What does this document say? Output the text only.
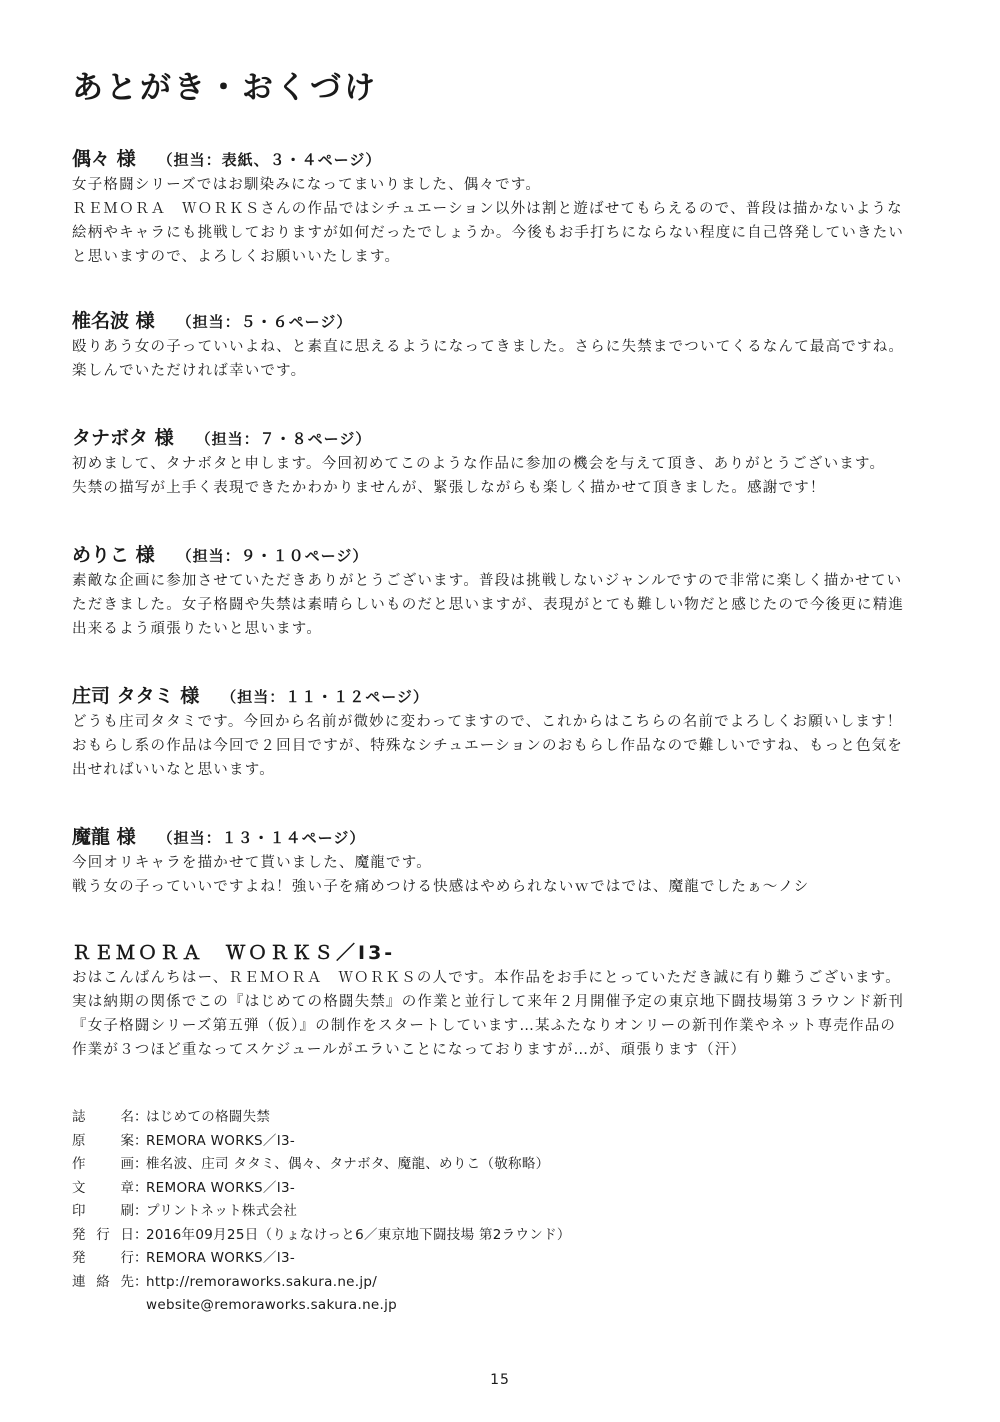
あとがき・おくづけ
偶々 様 （担当：表紙、３・４ページ）

女子格闘シリーズではお馴染みになってまいりました、偶々です。

ＲＥＭＯＲＡ　ＷＯＲＫＳさんの作品ではシチュエーション以外は割と遊ばせてもらえるので、普段は描かないような

絵柄やキャラにも挑戦しておりますが如何だったでしょうか。今後もお手打ちにならない程度に自己啓発していきたい

と思いますので、よろしくお願いいたします。

椎名波 様 （担当：５・６ページ）

殴りあう女の子っていいよね、と素直に思えるようになってきました。さらに失禁までついてくるなんて最高ですね。

楽しんでいただければ幸いです。

タナボタ 様 （担当：７・８ページ）

初めまして、タナボタと申します。今回初めてこのような作品に参加の機会を与えて頂き、ありがとうございます。

失禁の描写が上手く表現できたかわかりませんが、緊張しながらも楽しく描かせて頂きました。感謝です！

めりこ 様 （担当：９・１０ページ）

素敵な企画に参加させていただきありがとうございます。普段は挑戦しないジャンルですので非常に楽しく描かせてい

ただきました。女子格闘や失禁は素晴らしいものだと思いますが、表現がとても難しい物だと感じたので今後更に精進

出来るよう頑張りたいと思います。

庄司 タタミ 様 （担当：１１・１２ページ）

どうも庄司タタミです。今回から名前が微妙に変わってますので、これからはこちらの名前でよろしくお願いします！

おもらし系の作品は今回で２回目ですが、特殊なシチュエーションのおもらし作品なので難しいですね、もっと色気を

出せればいいなと思います。

魔龍 様 （担当：１３・１４ページ）

今回オリキャラを描かせて貰いました、魔龍です。

戦う女の子っていいですよね！強い子を痛めつける快感はやめられないｗではでは、魔龍でしたぁ～ノシ

ＲＥＭＯＲＡ　ＷＯＲＫＳ／I3-

おはこんばんちはー、ＲＥＭＯＲＡ　ＷＯＲＫＳの人です。本作品をお手にとっていただき誠に有り難うございます。

実は納期の関係でこの『はじめての格闘失禁』の作業と並行して来年２月開催予定の東京地下闘技場第３ラウンド新刊

『女子格闘シリーズ第五弾（仮）』の制作をスタートしています…某ふたなりオンリーの新刊作業やネット専売作品の

作業が３つほど重なってスケジュールがエラいことになっておりますが…が、頑張ります（汗）

誌名 ：
はじめての格闘失禁
原案 ：
REMORA WORKS／I3-
作画 ：
椎名波、庄司 タタミ、偶々、タナボタ、魔龍、めりこ（敬称略）
文章 ：
REMORA WORKS／I3-
印刷 ：
プリントネット株式会社
発行日 ：
2016年09月25日（りょなけっと6／東京地下闘技場 第2ラウンド）
発行 ：
REMORA WORKS／I3-
連絡先 ：
http://remoraworks.sakura.ne.jp/
website@remoraworks.sakura.ne.jp
15
